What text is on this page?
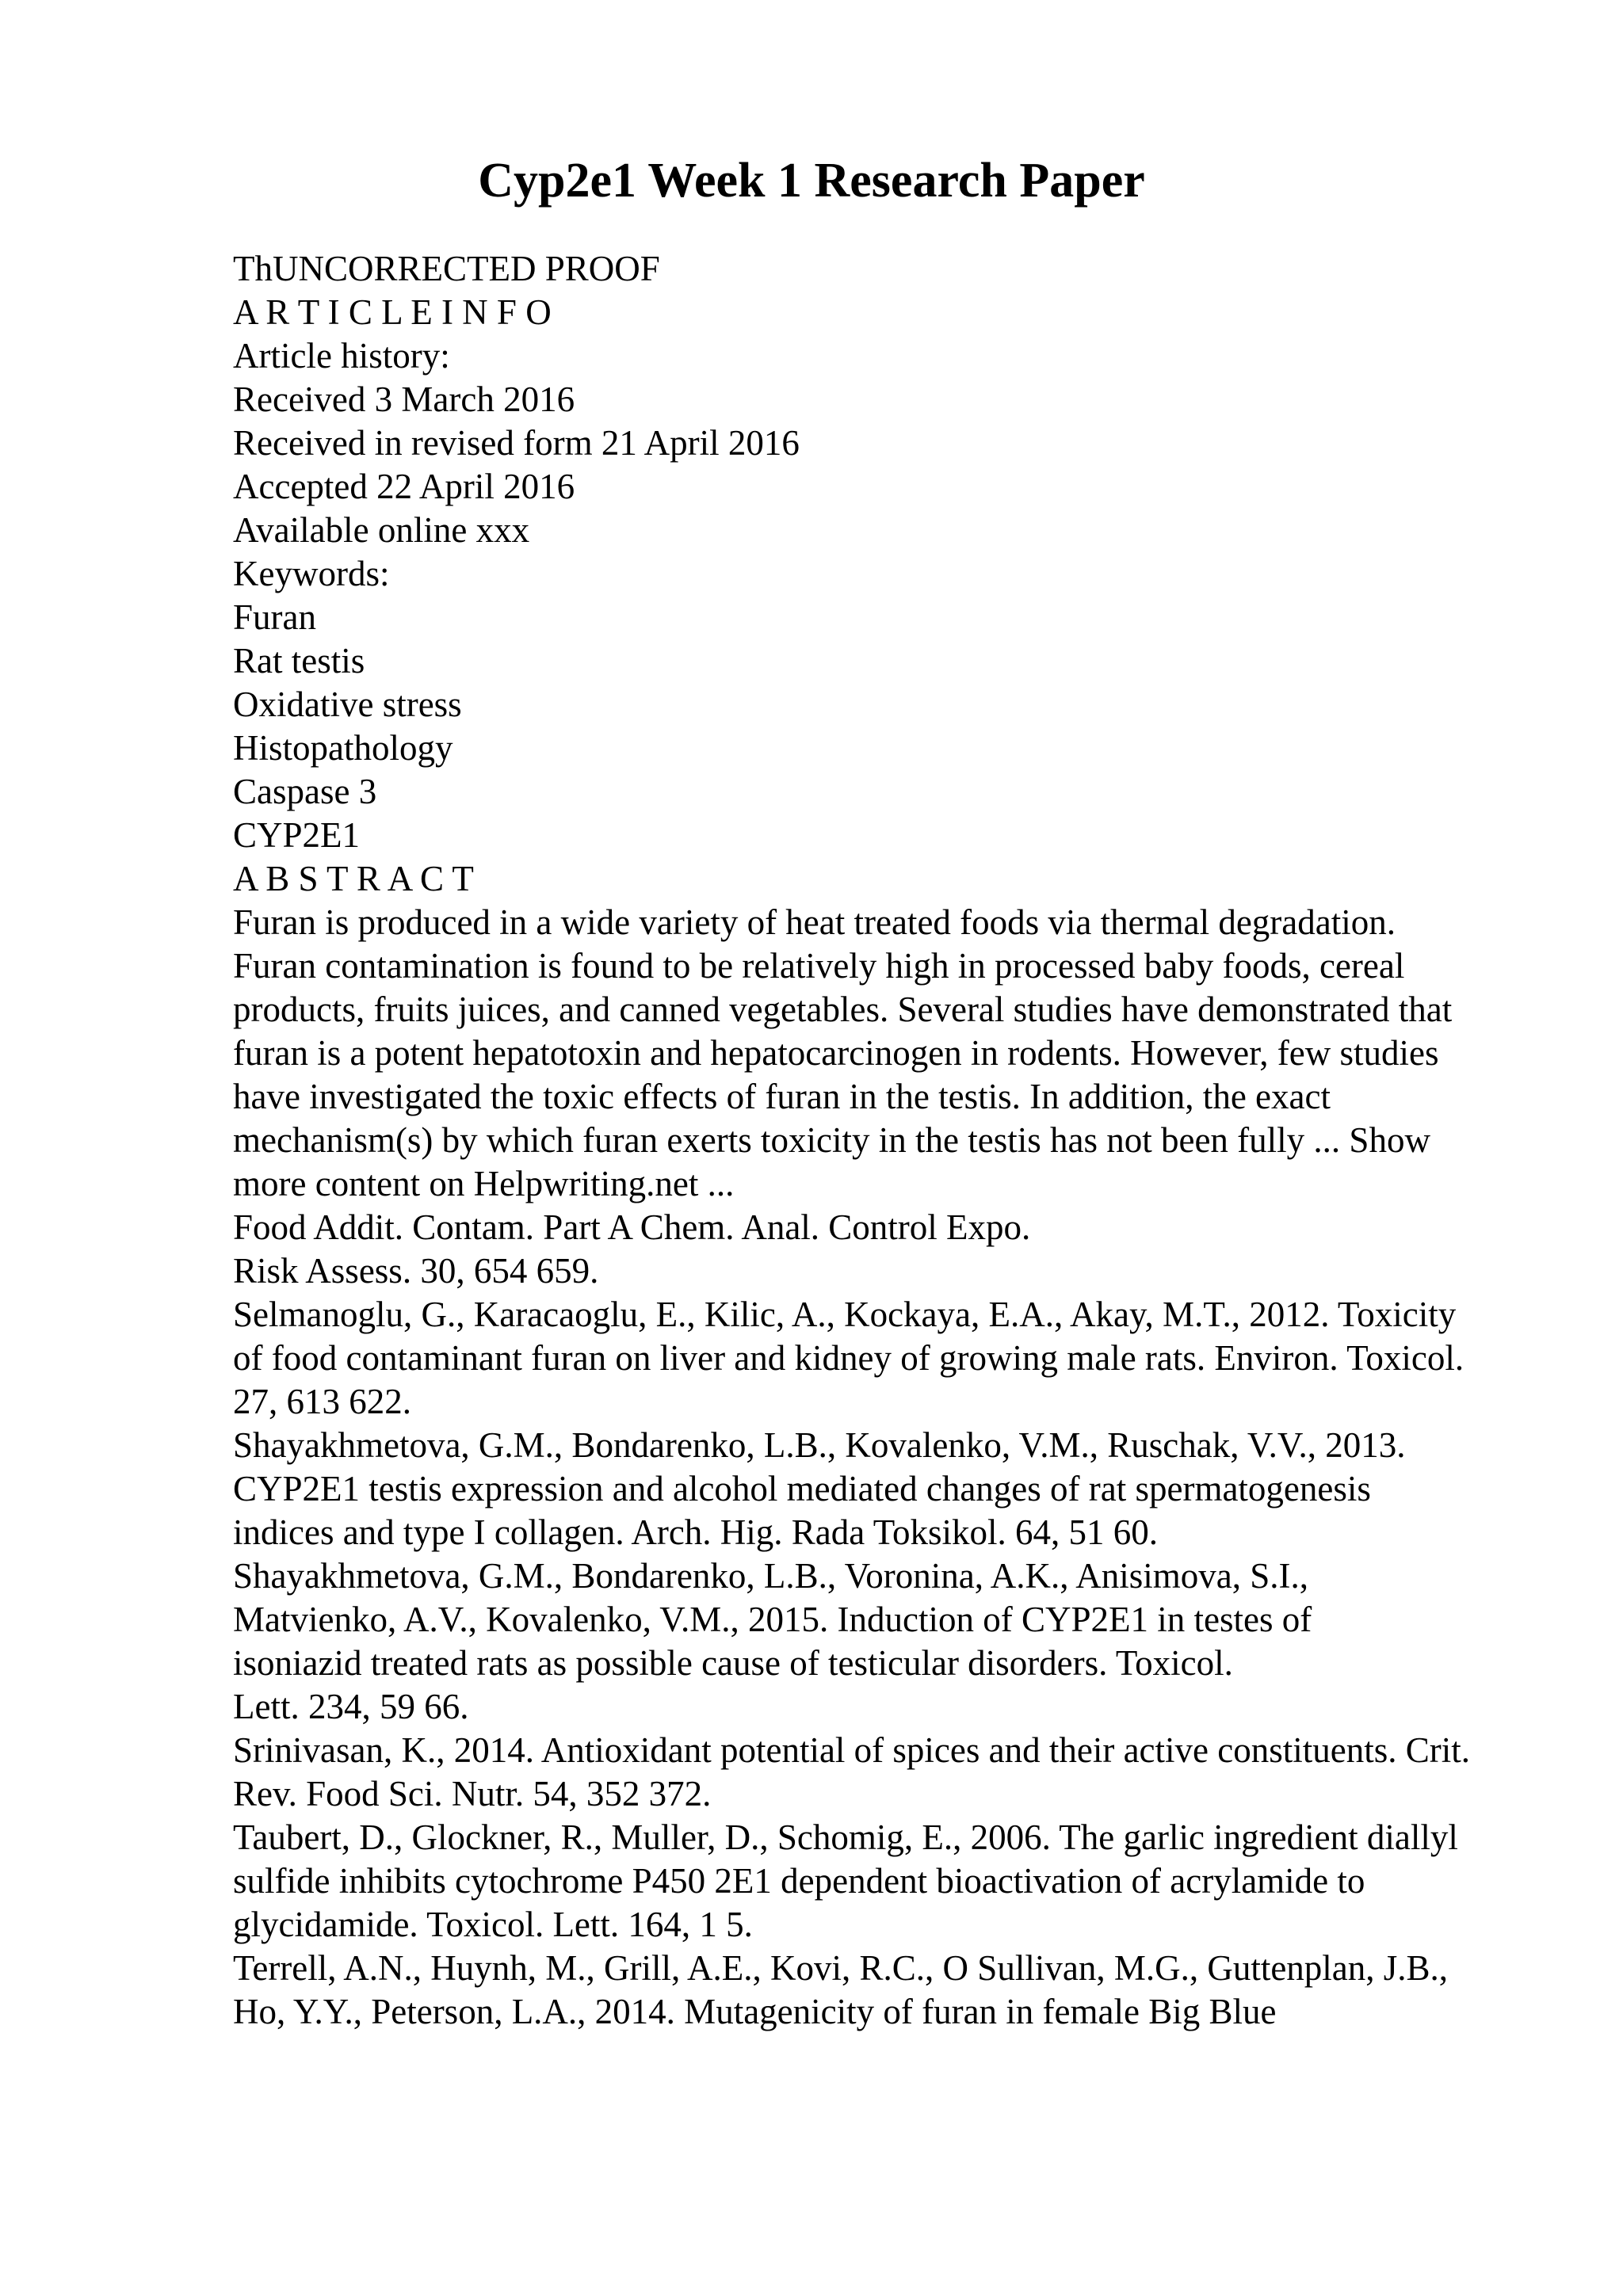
Cyp2e1 Week 1 Research Paper
ThUNCORRECTED PROOF
A R T I C L E I N F O
Article history:
Received 3 March 2016
Received in revised form 21 April 2016
Accepted 22 April 2016
Available online xxx
Keywords:
Furan
Rat testis
Oxidative stress
Histopathology
Caspase 3
CYP2E1
A B S T R A C T
Furan is produced in a wide variety of heat treated foods via thermal degradation.
Furan contamination is found to be relatively high in processed baby foods, cereal
products, fruits juices, and canned vegetables. Several studies have demonstrated that
furan is a potent hepatotoxin and hepatocarcinogen in rodents. However, few studies
have investigated the toxic effects of furan in the testis. In addition, the exact
mechanism(s) by which furan exerts toxicity in the testis has not been fully ... Show
more content on Helpwriting.net ...
Food Addit. Contam. Part A Chem. Anal. Control Expo.
Risk Assess. 30, 654 659.
Selmanoglu, G., Karacaoglu, E., Kilic, A., Kockaya, E.A., Akay, M.T., 2012. Toxicity
of food contaminant furan on liver and kidney of growing male rats. Environ. Toxicol.
27, 613 622.
Shayakhmetova, G.M., Bondarenko, L.B., Kovalenko, V.M., Ruschak, V.V., 2013.
CYP2E1 testis expression and alcohol mediated changes of rat spermatogenesis
indices and type I collagen. Arch. Hig. Rada Toksikol. 64, 51 60.
Shayakhmetova, G.M., Bondarenko, L.B., Voronina, A.K., Anisimova, S.I.,
Matvienko, A.V., Kovalenko, V.M., 2015. Induction of CYP2E1 in testes of
isoniazid treated rats as possible cause of testicular disorders. Toxicol.
Lett. 234, 59 66.
Srinivasan, K., 2014. Antioxidant potential of spices and their active constituents. Crit.
Rev. Food Sci. Nutr. 54, 352 372.
Taubert, D., Glockner, R., Muller, D., Schomig, E., 2006. The garlic ingredient diallyl
sulfide inhibits cytochrome P450 2E1 dependent bioactivation of acrylamide to
glycidamide. Toxicol. Lett. 164, 1 5.
Terrell, A.N., Huynh, M., Grill, A.E., Kovi, R.C., O Sullivan, M.G., Guttenplan, J.B.,
Ho, Y.Y., Peterson, L.A., 2014. Mutagenicity of furan in female Big Blue
